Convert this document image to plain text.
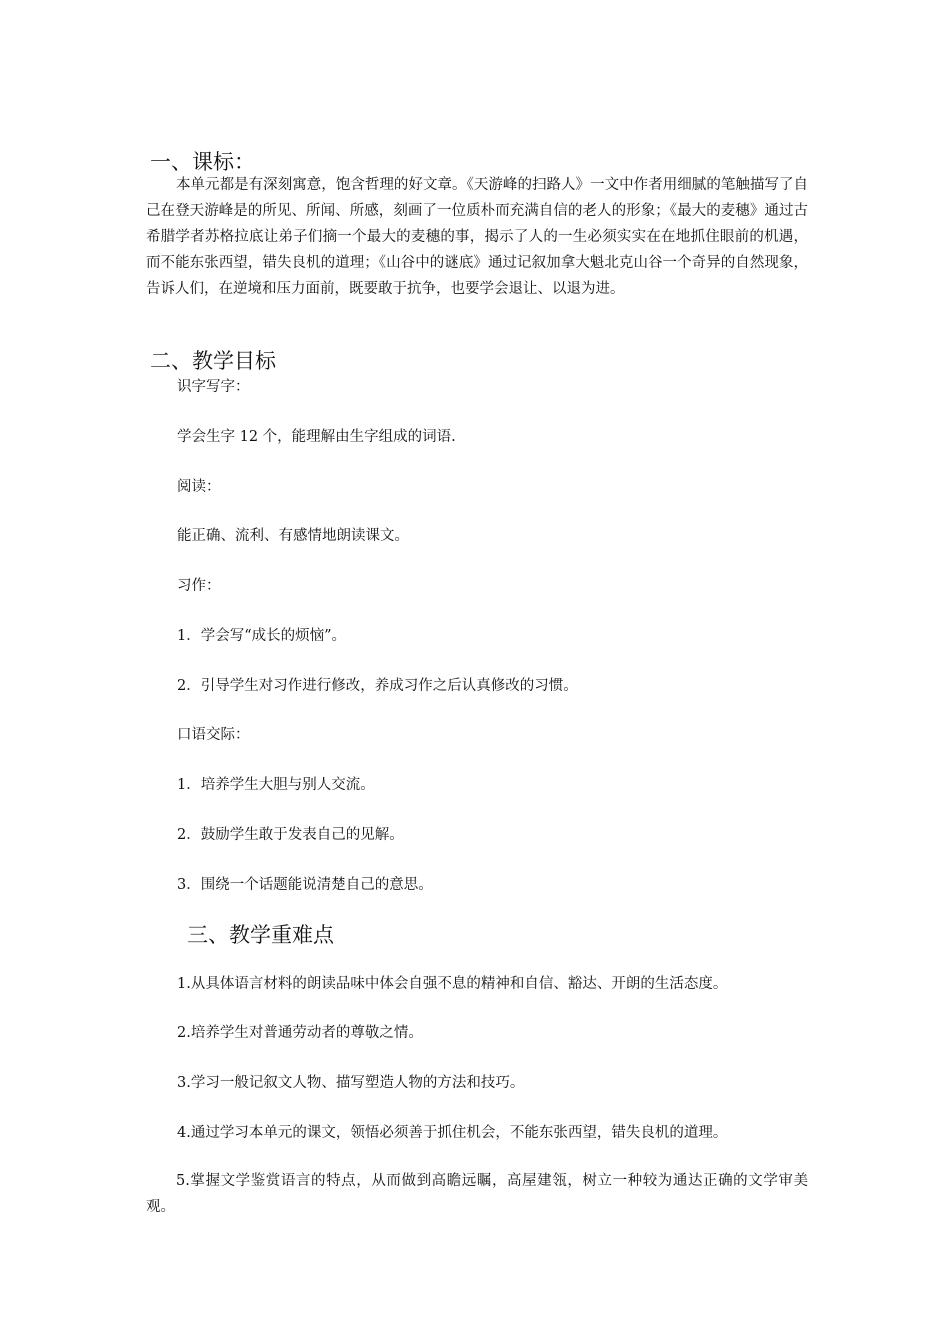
一、课标：

本单元都是有深刻寓意，饱含哲理的好文章。《天游峰的扫路人》一文中作者用细腻的笔触描写了自己在登天游峰是的所见、所闻、所感，刻画了一位质朴而充满自信的老人的形象；《最大的麦穗》通过古希腊学者苏格拉底让弟子们摘一个最大的麦穗的事，揭示了人的一生必须实实在在地抓住眼前的机遇，而不能东张西望，错失良机的道理；《山谷中的谜底》通过记叙加拿大魁北克山谷一个奇异的自然现象，告诉人们，在逆境和压力面前，既要敢于抗争，也要学会退让、以退为进。

二、教学目标

识字写字：

学会生字 12 个，能理解由生字组成的词语.

阅读：

能正确、流利、有感情地朗读课文。

习作：

1．学会写“成长的烦恼”。

2．引导学生对习作进行修改，养成习作之后认真修改的习惯。

口语交际：

1．培养学生大胆与别人交流。

2．鼓励学生敢于发表自己的见解。

3．围绕一个话题能说清楚自己的意思。

三、教学重难点

1.从具体语言材料的朗读品味中体会自强不息的精神和自信、豁达、开朗的生活态度。

2.培养学生对普通劳动者的尊敬之情。

3.学习一般记叙文人物、描写塑造人物的方法和技巧。

4.通过学习本单元的课文，领悟必须善于抓住机会，不能东张西望，错失良机的道理。

5.掌握文学鉴赏语言的特点，从而做到高瞻远瞩，高屋建瓴，树立一种较为通达正确的文学审美观。
